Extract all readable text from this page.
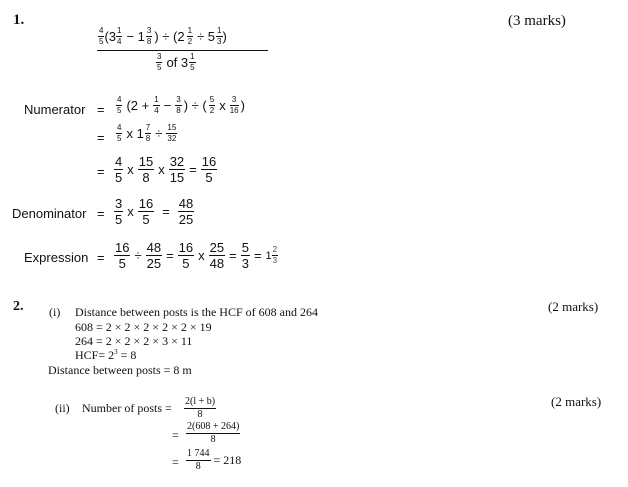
1.	(3 marks)
$\frac{4}{5} (3 \frac{1}{4} - 1 \frac{3}{8}$ ) ÷ ($2 \frac{1}{2} \div 5 \frac{1}{3}$ )
$\frac{3}{5}$ of $3 \frac{1}{5}$
Numerator = $\frac{4}{5} (2 + \frac{1}{4} - \frac{3}{8}$ ) ÷ ( $\frac{5}{2}$ x $\frac{3}{16}$ )
= $\frac{4}{5}$ x $1 \frac{7}{8} \div \frac{15}{32}$
= $\frac{4}{5}$ x $\frac{15}{8}$ x $\frac{32}{15} = \frac{16}{5}$
Denominator = $\frac{3}{5}$ x $\frac{16}{5} = \frac{48}{25}$
Expression = $\frac{16}{5} \div \frac{48}{25} = \frac{16}{5}$ x $\frac{25}{48} = \frac{5}{3} = 1 \frac{2}{3}$
2. (i) Distance between posts is the HCF of 608 and 264	(2 marks)
608 = 2 × 2 × 2 × 2 × 2 × 19
264 = 2 × 2 × 2 × 3 × 11
$HCF= 2^3 = 8$
Distance between posts = 8 m
(ii) Number of posts =	(2 marks)
$\frac{2(l + b)}{8}$
= $\frac{2(608 + 264)}{8}$
= $\frac{1 744}{8} = 218$
